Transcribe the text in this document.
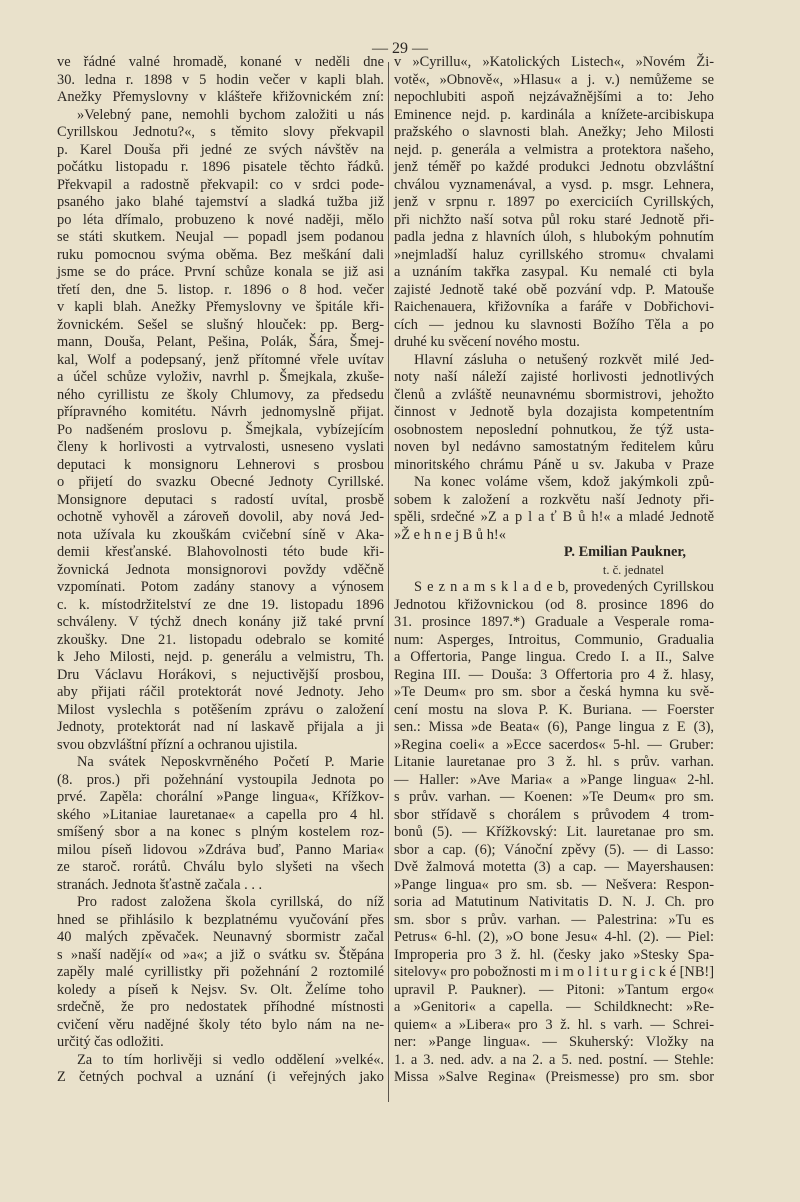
— 29 —
ve řádné valné hromadě, konané v neděli dne
30. ledna r. 1898 v 5 hodin večer v kapli blah.
Anežky Přemyslovny v klášteře křižovnickém zní:
»Velebný pane, nemohli bychom založiti u nás
Cyrillskou Jednotu?«, s těmito slovy překvapil
p. Karel Douša při jedné ze svých návštěv na
počátku listopadu r. 1896 pisatele těchto řádků.
Překvapil a radostně překvapil: co v srdci pode-
psaného jako blahé tajemství a sladká tužba již
po léta dřímalo, probuzeno k nové naději, mělo
se státi skutkem. Neujal — popadl jsem podanou
ruku pomocnou svýma oběma. Bez meškání dali
jsme se do práce. První schůze konala se již asi
třetí den, dne 5. listop. r. 1896 o 8 hod. večer
v kapli blah. Anežky Přemyslovny ve špitále kři-
žovnickém. Sešel se slušný hlouček: pp. Berg-
mann, Douša, Pelant, Pešina, Polák, Šára, Šmej-
kal, Wolf a podepsaný, jenž přítomné vřele uvítav
a účel schůze vyloživ, navrhl p. Šmejkala, zkuše-
ného cyrillistu ze školy Chlumovy, za předsedu
přípravného komitétu. Návrh jednomyslně přijat.
Po nadšeném proslovu p. Šmejkala, vybízejícím
členy k horlivosti a vytrvalosti, usneseno vyslati
deputaci k monsignoru Lehnerovi s prosbou
o přijetí do svazku Obecné Jednoty Cyrillské.
Monsignore deputaci s radostí uvítal, prosbě
ochotně vyhověl a zároveň dovolil, aby nová Jed-
nota užívala ku zkouškám cvičební síně v Aka-
demii křesťanské. Blahovolnosti této bude kři-
žovnická Jednota monsignorovi povždy vděčně
vzpomínati. Potom zadány stanovy a výnosem
c. k. místodržitelství ze dne 19. listopadu 1896
schváleny. V týchž dnech konány již také první
zkoušky. Dne 21. listopadu odebralo se komité
k Jeho Milosti, nejd. p. generálu a velmistru, Th.
Dru Václavu Horákovi, s nejuctivější prosbou,
aby přijati ráčil protektorát nové Jednoty. Jeho
Milost vyslechla s potěšením zprávu o založení
Jednoty, protektorát nad ní laskavě přijala a ji
svou obzvláštní přízní a ochranou ujistila.
Na svátek Neposkvrněného Početí P. Marie
(8. pros.) při požehnání vystoupila Jednota po
prvé. Zapěla: chorální »Pange lingua«, Křížkov-
ského »Litaniae lauretanae« a capella pro 4 hl.
smíšený sbor a na konec s plným kostelem roz-
milou píseň lidovou »Zdráva buď, Panno Maria«
ze staroč. rorátů. Chválu bylo slyšeti na všech
stranách. Jednota šťastně začala . . .
Pro radost založena škola cyrillská, do níž
hned se přihlásilo k bezplatnému vyučování přes
40 malých zpěvaček. Neunavný sbormistr začal
s »naší nadějí« od »a«; a již o svátku sv. Štěpána
zapěly malé cyrillistky při požehnání 2 roztomilé
koledy a píseň k Nejsv. Sv. Olt. Želíme toho
srdečně, že pro nedostatek příhodné místnosti
cvičení věru nadějné školy této bylo nám na ne-
určitý čas odložiti.
Za to tím horlivěji si vedlo oddělení »velké«.
Z četných pochval a uznání (i veřejných jako
v »Cyrillu«, »Katolických Listech«, »Novém Ži-
votě«, »Obnově«, »Hlasu« a j. v.) nemůžeme se
nepochlubiti aspoň nejzávažnějšími a to: Jeho
Eminence nejd. p. kardinála a knížete-arcibiskupa
pražského o slavnosti blah. Anežky; Jeho Milosti
nejd. p. generála a velmistra a protektora našeho,
jenž téměř po každé produkci Jednotu obzvláštní
chválou vyznamenával, a vysd. p. msgr. Lehnera,
jenž v srpnu r. 1897 po exerciciích Cyrillských,
při nichžto naší sotva půl roku staré Jednotě při-
padla jedna z hlavních úloh, s hlubokým pohnutím
»nejmladší haluz cyrillského stromu« chvalami
a uznáním takřka zasypal. Ku nemalé cti byla
zajisté Jednotě také obě pozvání vdp. P. Matouše
Raichenauera, křižovníka a faráře v Dobřichovi-
cích — jednou ku slavnosti Božího Těla a po
druhé ku svěcení nového mostu.
Hlavní zásluha o netušený rozkvět milé Jed-
noty naší náleží zajisté horlivosti jednotlivých
členů a zvláště neunavnému sbormistrovi, jehožto
činnost v Jednotě byla dozajista kompetentním
osobnostem neposlední pohnutkou, že týž usta-
noven byl nedávno samostatným ředitelem kůru
minoritského chrámu Páně u sv. Jakuba v Praze
Na konec voláme všem, kdož jakýmkoli způ-
sobem k založení a rozkvětu naší Jednoty při-
spěli, srdečné »Z a p l a ť B ů h!« a mladé Jednotě
»Ž e h n e j B ů h!«
P. Emilian Paukner,
t. č. jednatel
S e z n a m s k l a d e b, provedených Cyrillskou
Jednotou křižovnickou (od 8. prosince 1896 do
31. prosince 1897.*) Graduale a Vesperale roma-
num: Asperges, Introitus, Communio, Gradualia
a Offertoria, Pange lingua. Credo I. a II., Salve
Regina III. — Douša: 3 Offertoria pro 4 ž. hlasy,
»Te Deum« pro sm. sbor a česká hymna ku svě-
cení mostu na slova P. K. Buriana. — Foerster
sen.: Missa »de Beata« (6), Pange lingua z E (3),
»Regina coeli« a »Ecce sacerdos« 5-hl. — Gruber:
Litanie lauretanae pro 3 ž. hl. s prův. varhan.
— Haller: »Ave Maria« a »Pange lingua« 2-hl.
s prův. varhan. — Koenen: »Te Deum« pro sm.
sbor střídavě s chorálem s průvodem 4 trom-
bonů (5). — Křížkovský: Lit. lauretanae pro sm.
sbor a cap. (6); Vánoční zpěvy (5). — di Lasso:
Dvě žalmová motetta (3) a cap. — Mayershausen:
»Pange lingua« pro sm. sb. — Nešvera: Respon-
soria ad Matutinum Nativitatis D. N. J. Ch. pro
sm. sbor s prův. varhan. — Palestrina: »Tu es
Petrus« 6-hl. (2), »O bone Jesu« 4-hl. (2). — Piel:
Improperia pro 3 ž. hl. (česky jako »Stesky Spa-
sitelovy« pro pobožnosti m i m o l i t u r g i c k é [NB!]
upravil P. Paukner). — Pitoni: »Tantum ergo«
a »Genitori« a capella. — Schildknecht: »Re-
quiem« a »Libera« pro 3 ž. hl. s varh. — Schrei-
ner: »Pange lingua«. — Skuherský: Vložky na
1. a 3. ned. adv. a na 2. a 5. ned. postní. — Stehle:
Missa »Salve Regina« (Preismesse) pro sm. sbor
